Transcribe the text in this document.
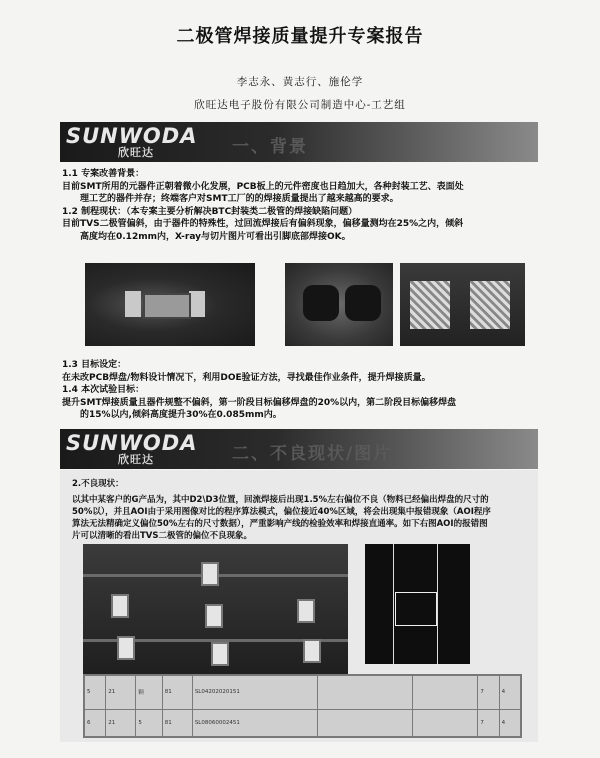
二极管焊接质量提升专案报告
李志永、黄志行、施伦学
欣旺达电子股份有限公司制造中心-工艺组
SUNWODA
欣旺达	一、背景

1.1 专案改善背景：

目前SMT所用的元器件正朝着微小化发展，PCB板上的元件密度也日趋加大，各种封装工艺、表面处

理工艺的器件并存；终端客户对SMT工厂的的焊接质量提出了越来越高的要求。

1.2 制程现状：（本专案主要分析解决BTC封装类二极管的焊接缺陷问题）

目前TVS二极管偏斜，由于器件的特殊性，过回流焊接后有偏斜现象，偏移量测均在25%之内，倾斜

高度均在0.12mm内，X-ray与切片图片可看出引脚底部焊接OK。

1.3 目标设定：

在未改PCB焊盘/物料设计情况下，利用DOE验证方法，寻找最佳作业条件，提升焊接质量。

1.4 本次试验目标：

提升SMT焊接质量且器件规整不偏斜，第一阶段目标偏移焊盘的20%以内，第二阶段目标偏移焊盘

的15%以内,倾斜高度提升30%在0.085mm内。

SUNWODA
欣旺达	二、不良现状/图片

2.不良现状：

以其中某客户的G产品为，其中D2\D3位置，回流焊接后出现1.5%左右偏位不良（物料已经偏出焊盘的尺寸的

50%以），并且AOI由于采用图像对比的程序算法模式，偏位接近40%区域，将会出现集中报错现象（AOI程序

算法无法精确定义偏位50%左右的尺寸数据），严重影响产线的检验效率和焊接直通率。如下右图AOI的报错图

片可以清晰的看出TVS二极管的偏位不良现象。

5	21	颗	81	SL04202020151			7	4
6	21	5	81	SL08060002451			7	4
